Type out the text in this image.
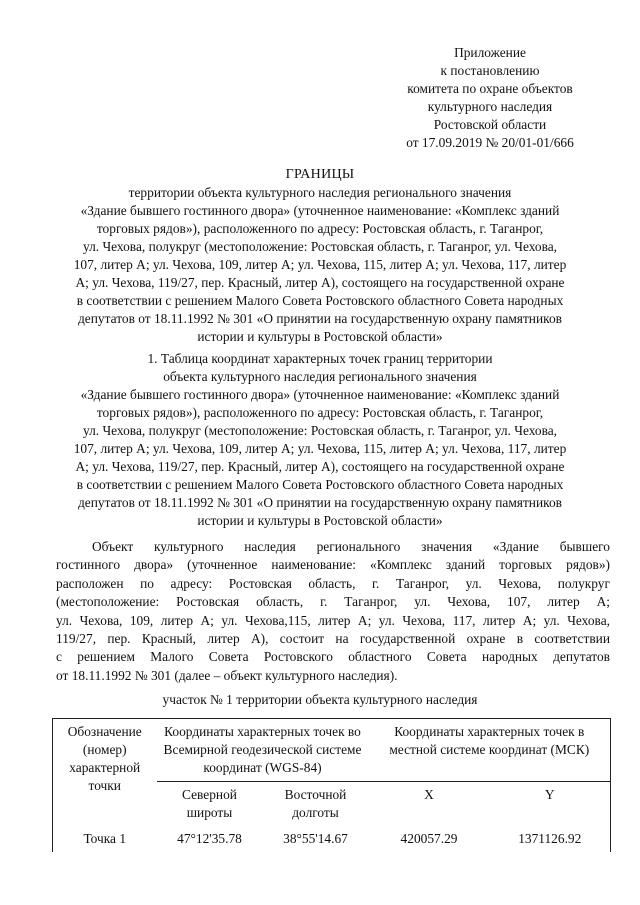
Приложение
к постановлению
комитета по охране объектов
культурного наследия
Ростовской области
от 17.09.2019 № 20/01-01/666
ГРАНИЦЫ
территории объекта культурного наследия регионального значения
«Здание бывшего гостинного двора» (уточненное наименование: «Комплекс зданий
торговых рядов»), расположенного по адресу: Ростовская область, г. Таганрог,
ул. Чехова, полукруг (местоположение: Ростовская область, г. Таганрог, ул. Чехова,
107, литер А; ул. Чехова, 109, литер А; ул. Чехова, 115, литер А; ул. Чехова, 117, литер
А; ул. Чехова, 119/27, пер. Красный, литер А), состоящего на государственной охране
в соответствии с решением Малого Совета Ростовского областного Совета народных
депутатов от 18.11.1992 № 301 «О принятии на государственную охрану памятников
истории и культуры в Ростовской области»
1. Таблица координат характерных точек границ территории
объекта культурного наследия регионального значения
«Здание бывшего гостинного двора» (уточненное наименование: «Комплекс зданий
торговых рядов»), расположенного по адресу: Ростовская область, г. Таганрог,
ул. Чехова, полукруг (местоположение: Ростовская область, г. Таганрог, ул. Чехова,
107, литер А; ул. Чехова, 109, литер А; ул. Чехова, 115, литер А; ул. Чехова, 117, литер
А; ул. Чехова, 119/27, пер. Красный, литер А), состоящего на государственной охране
в соответствии с решением Малого Совета Ростовского областного Совета народных
депутатов от 18.11.1992 № 301 «О принятии на государственную охрану памятников
истории и культуры в Ростовской области»
Объект культурного наследия регионального значения «Здание бывшего
гостинного двора» (уточненное наименование: «Комплекс зданий торговых рядов»)
расположен по адресу: Ростовская область, г. Таганрог, ул. Чехова, полукруг
(местоположение: Ростовская область, г. Таганрог, ул. Чехова, 107, литер А;
ул. Чехова, 109, литер А; ул. Чехова,115, литер А; ул. Чехова, 117, литер А; ул. Чехова,
119/27, пер. Красный, литер А), состоит на государственной охране в соответствии
с решением Малого Совета Ростовского областного Совета народных депутатов
от 18.11.1992 № 301 (далее – объект культурного наследия).
участок № 1 территории объекта культурного наследия
Обозначение (номер) характерной точки	Координаты характерных точек во Всемирной геодезической системе координат (WGS-84)		Координаты характерных точек в местной системе координат (МСК)	
	Северной широты	Восточной долготы	X	Y

Точка 1	47°12'35.78	38°55'14.67	420057.29	1371126.92
